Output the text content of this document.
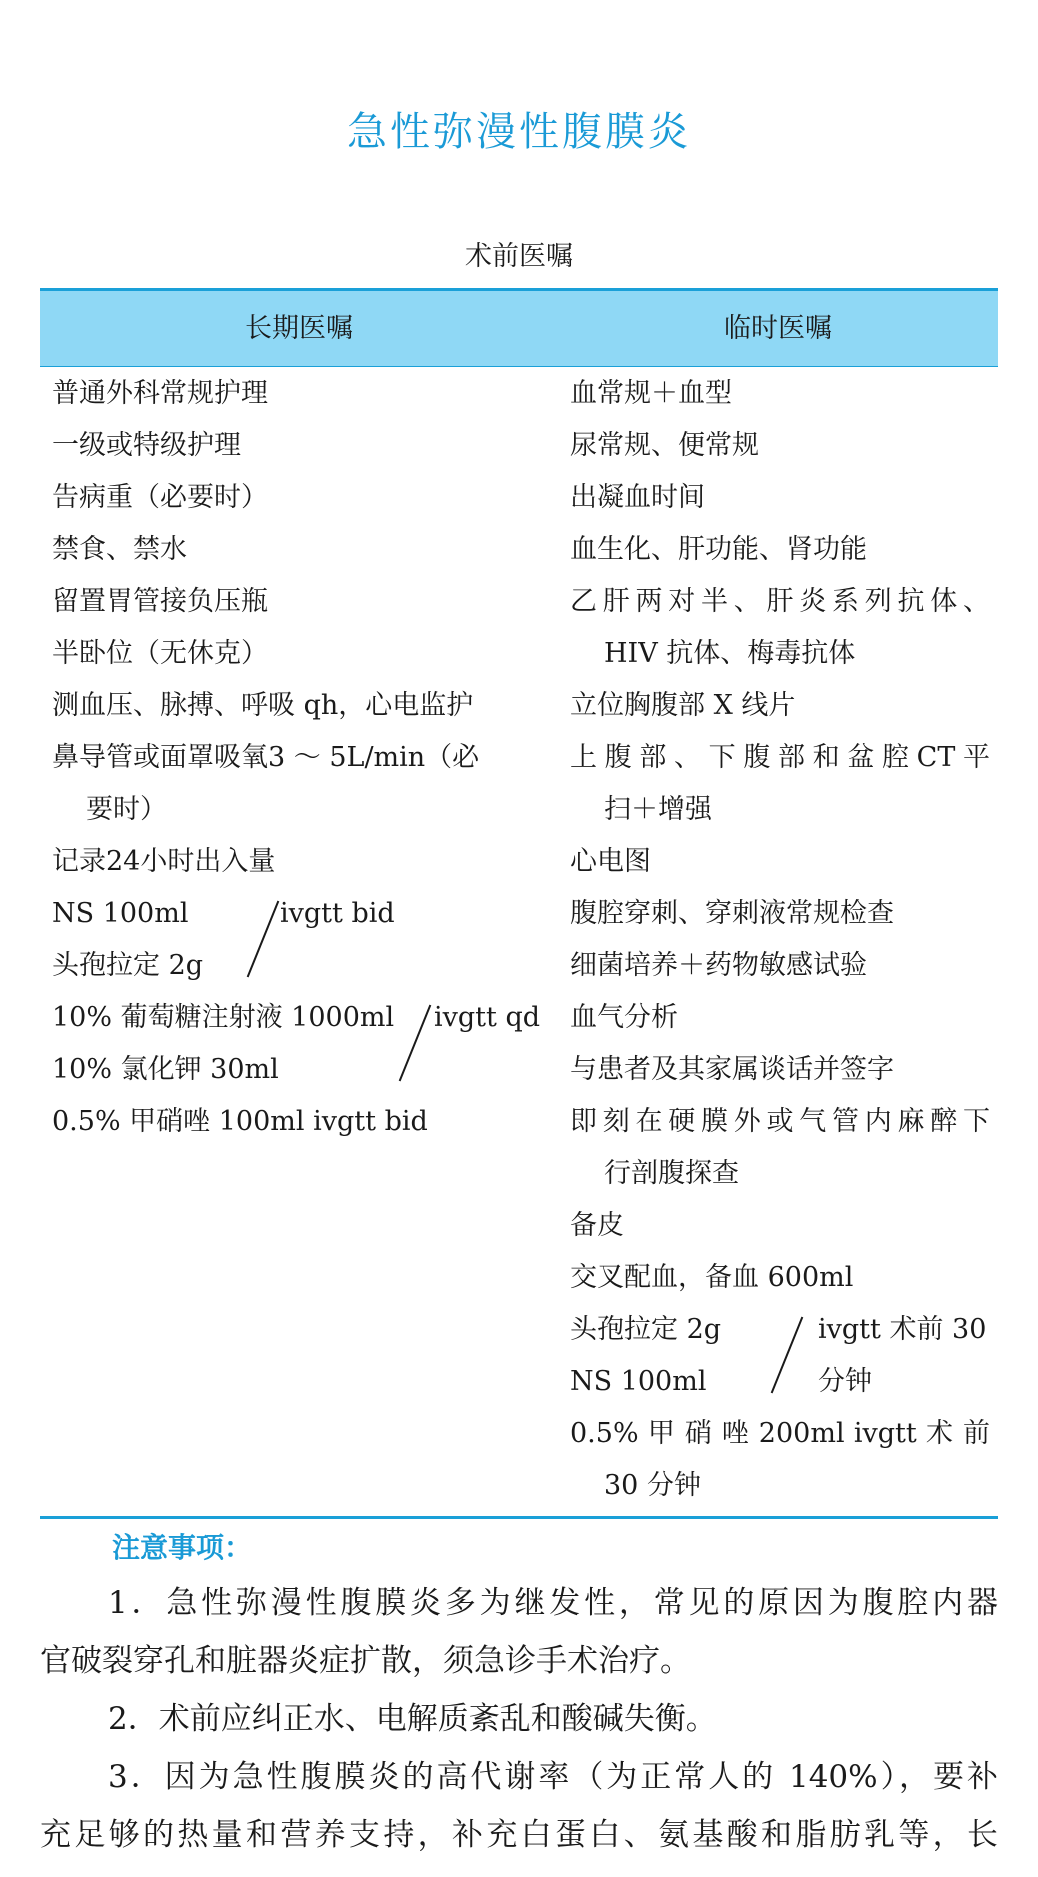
急性弥漫性腹膜炎
术前医嘱
长期医嘱	临时医嘱
普通外科常规护理
一级或特级护理
告病重（必要时）
禁食、禁水
留置胃管接负压瓶
半卧位（无休克）
测血压、脉搏、呼吸 qh，心电监护
鼻导管或面罩吸氧3 ～ 5L/min（必
要时）
记录24小时出入量
NS 100ml
头孢拉定 2g
ivgtt bid
10% 葡萄糖注射液 1000ml
10% 氯化钾 30ml
ivgtt qd
0.5% 甲硝唑 100ml ivgtt bid
血常规＋血型
尿常规、便常规
出凝血时间
血生化、肝功能、肾功能
乙肝两对半、肝炎系列抗体、
HIV 抗体、梅毒抗体
立位胸腹部 X 线片
上腹部、下腹部和盆腔CT平
扫＋增强
心电图
腹腔穿刺、穿刺液常规检查
细菌培养＋药物敏感试验
血气分析
与患者及其家属谈话并签字
即刻在硬膜外或气管内麻醉下
行剖腹探查
备皮
交叉配血，备血 600ml
头孢拉定 2g
NS 100ml
ivgtt 术前 30
分钟
0.5% 甲 硝 唑 200ml ivgtt 术 前
30 分钟
注意事项：
1．急性弥漫性腹膜炎多为继发性，常见的原因为腹腔内器
官破裂穿孔和脏器炎症扩散，须急诊手术治疗。
2．术前应纠正水、电解质紊乱和酸碱失衡。
3．因为急性腹膜炎的高代谢率（为正常人的 140%），要补
充足够的热量和营养支持，补充白蛋白、氨基酸和脂肪乳等，长
